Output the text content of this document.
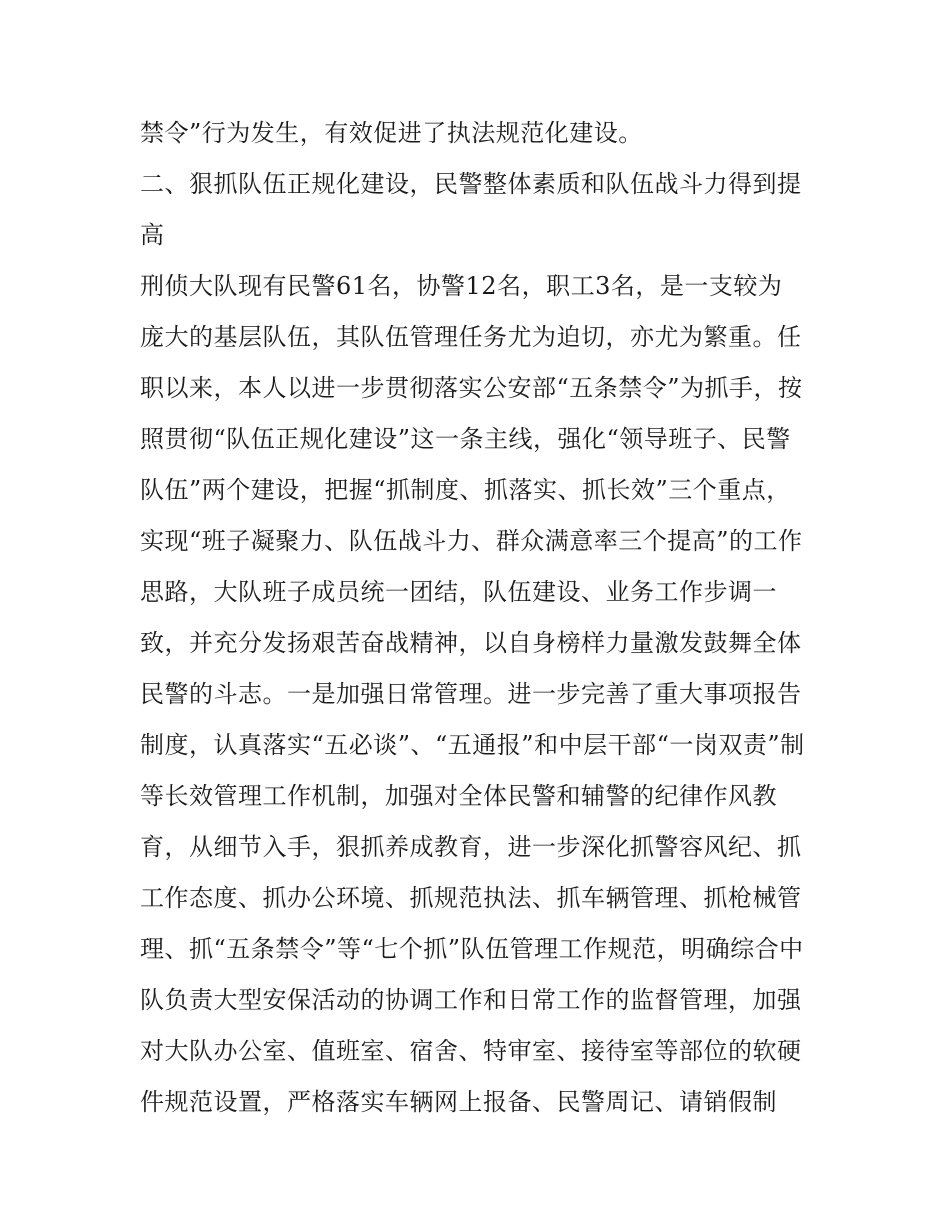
禁令”行为发生，有效促进了执法规范化建设。
二、狠抓队伍正规化建设，民警整体素质和队伍战斗力得到提
高
刑侦大队现有民警61名，协警12名，职工3名，是一支较为
庞大的基层队伍，其队伍管理任务尤为迫切，亦尤为繁重。任
职以来，本人以进一步贯彻落实公安部“五条禁令”为抓手，按
照贯彻“队伍正规化建设”这一条主线，强化“领导班子、民警
队伍”两个建设，把握“抓制度、抓落实、抓长效”三个重点，
实现“班子凝聚力、队伍战斗力、群众满意率三个提高”的工作
思路，大队班子成员统一团结，队伍建设、业务工作步调一
致，并充分发扬艰苦奋战精神，以自身榜样力量激发鼓舞全体
民警的斗志。一是加强日常管理。进一步完善了重大事项报告
制度，认真落实“五必谈”、“五通报”和中层干部“一岗双责”制
等长效管理工作机制，加强对全体民警和辅警的纪律作风教
育，从细节入手，狠抓养成教育，进一步深化抓警容风纪、抓
工作态度、抓办公环境、抓规范执法、抓车辆管理、抓枪械管
理、抓“五条禁令”等“七个抓”队伍管理工作规范，明确综合中
队负责大型安保活动的协调工作和日常工作的监督管理，加强
对大队办公室、值班室、宿舍、特审室、接待室等部位的软硬
件规范设置，严格落实车辆网上报备、民警周记、请销假制
